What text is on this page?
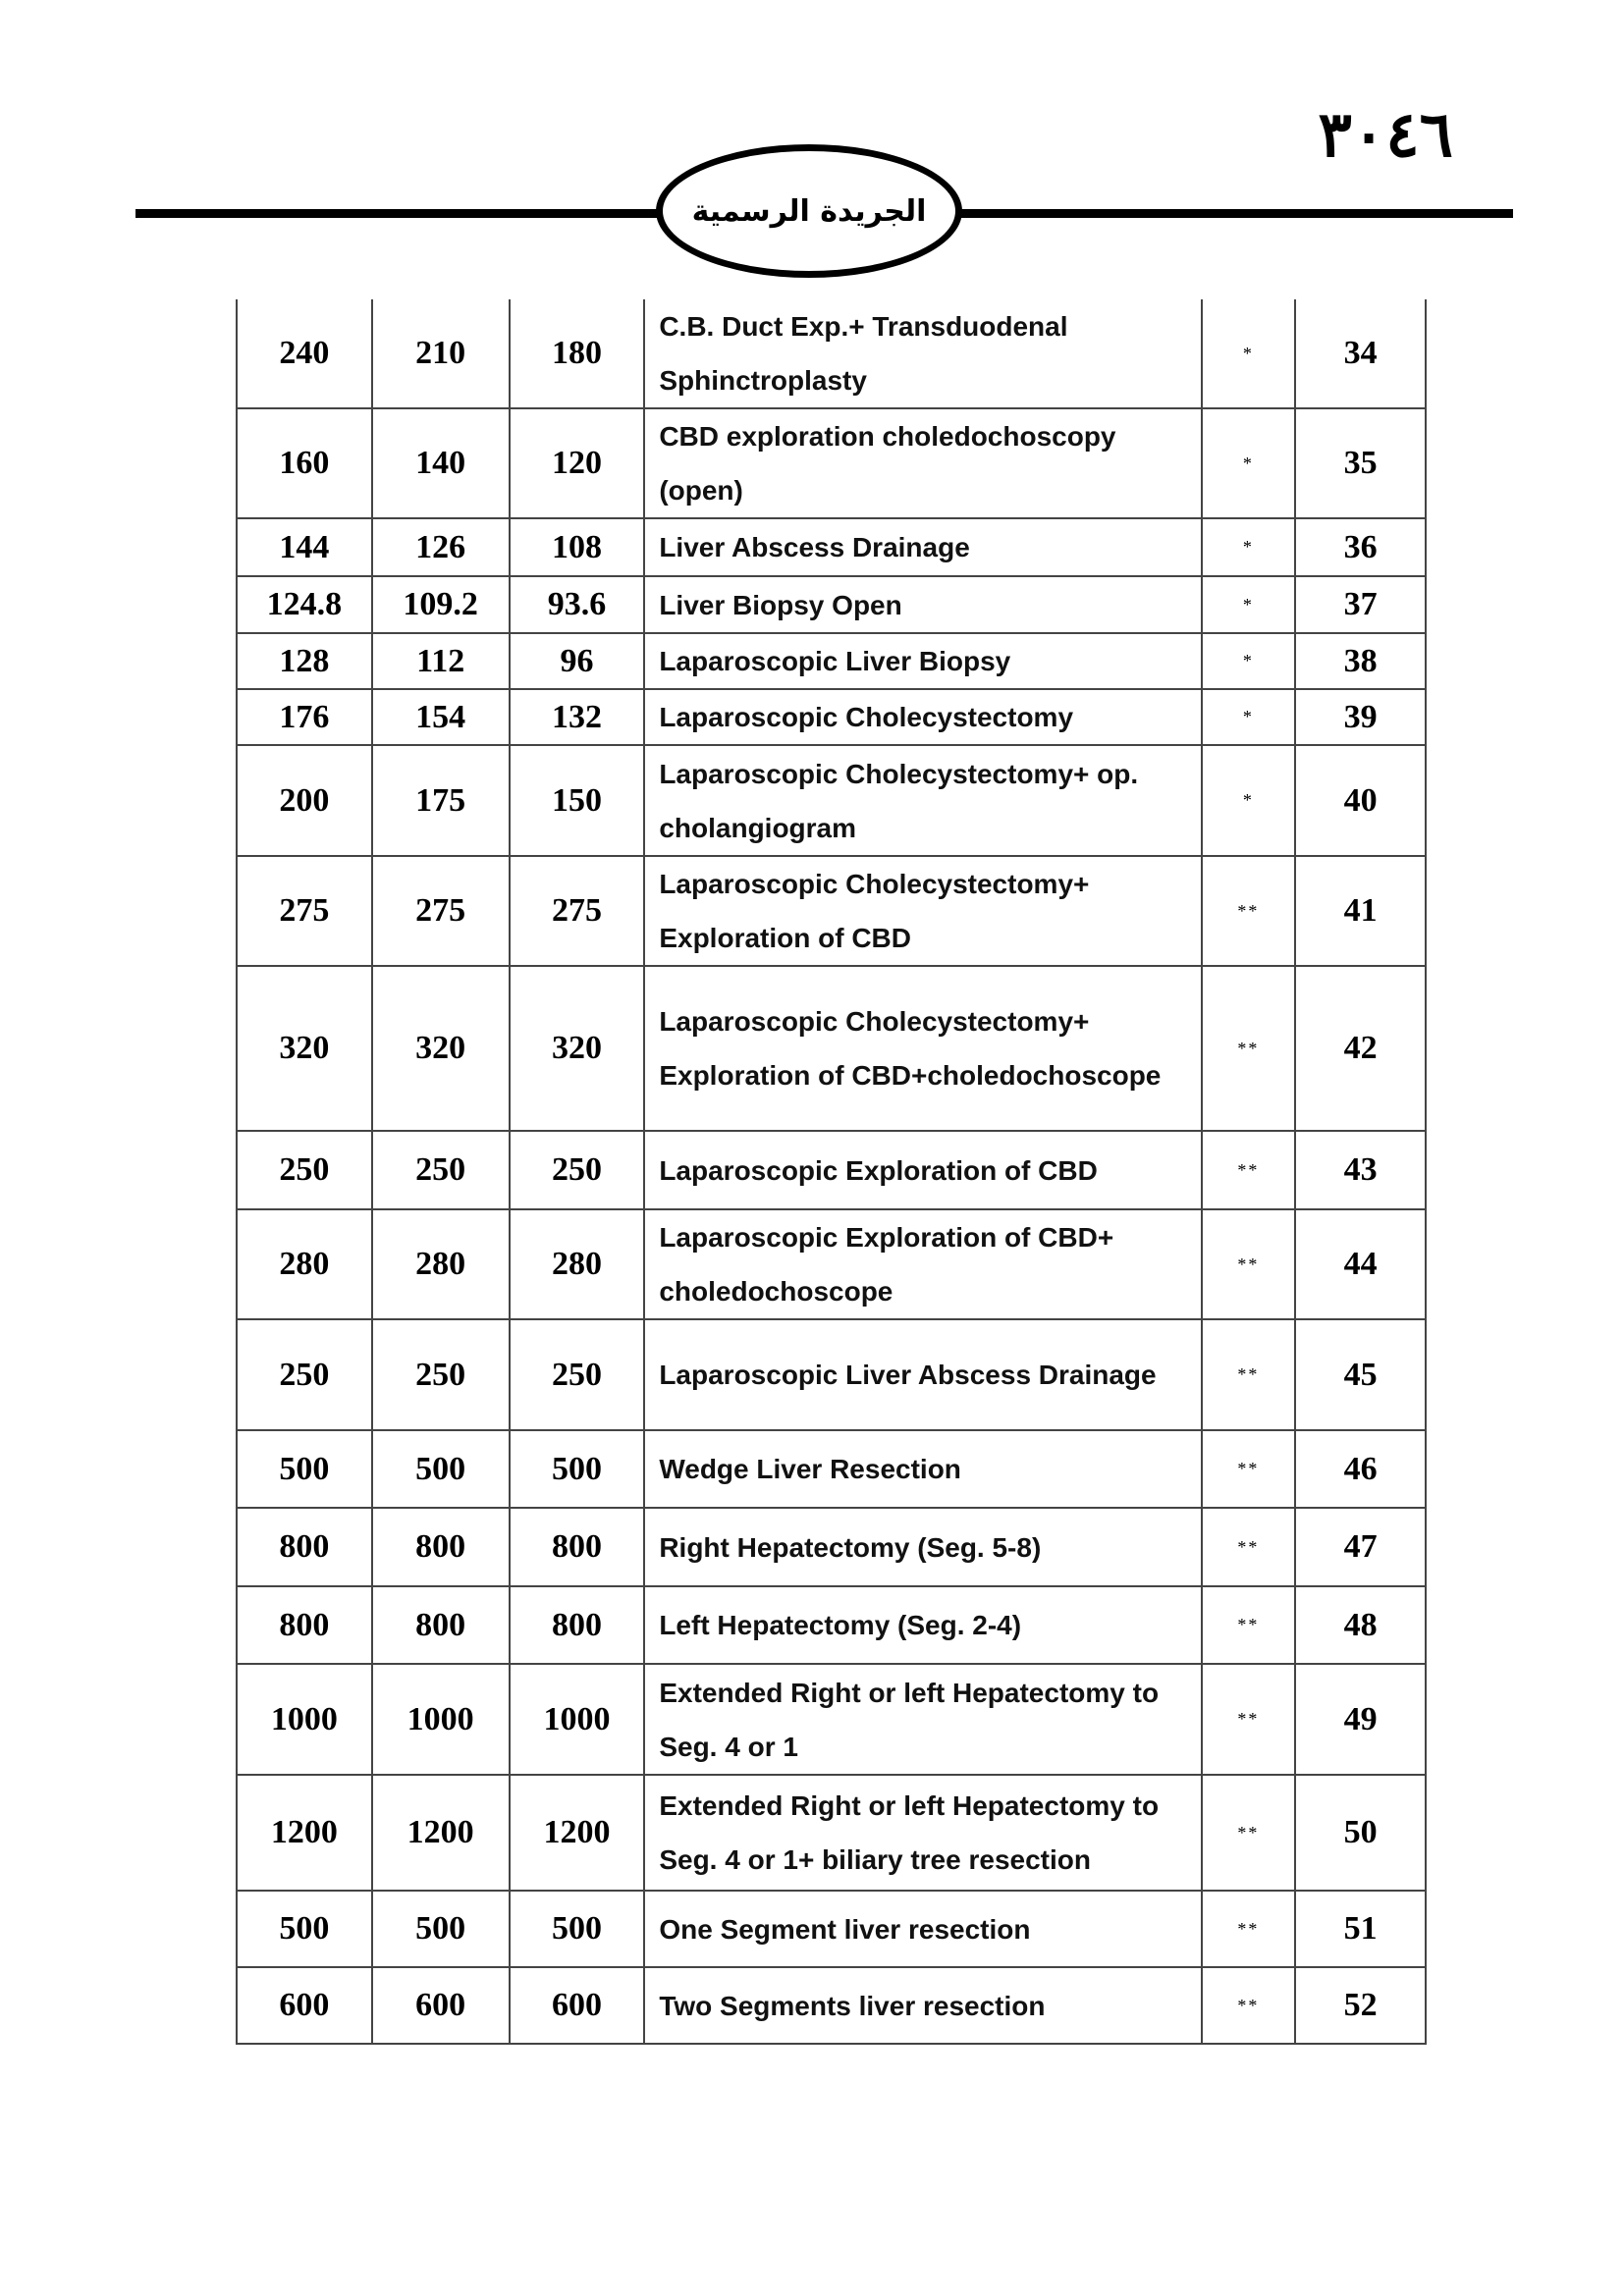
٣٠٤٦
الجريدة الرسمية
240	210	180	C.B. Duct Exp.+ Transduodenal Sphinctroplasty	*	34
160	140	120	CBD exploration choledochoscopy (open)	*	35
144	126	108	Liver Abscess Drainage	*	36
124.8	109.2	93.6	Liver Biopsy Open	*	37
128	112	96	Laparoscopic Liver Biopsy	*	38
176	154	132	Laparoscopic Cholecystectomy	*	39
200	175	150	Laparoscopic Cholecystectomy+ op. cholangiogram	*	40
275	275	275	Laparoscopic Cholecystectomy+ Exploration of CBD	**	41
320	320	320	Laparoscopic Cholecystectomy+ Exploration of CBD+choledochoscope	**	42
250	250	250	Laparoscopic Exploration of CBD	**	43
280	280	280	Laparoscopic Exploration of CBD+ choledochoscope	**	44
250	250	250	Laparoscopic Liver Abscess Drainage	**	45
500	500	500	Wedge Liver Resection	**	46
800	800	800	Right Hepatectomy (Seg. 5-8)	**	47
800	800	800	Left Hepatectomy (Seg. 2-4)	**	48
1000	1000	1000	Extended Right or left Hepatectomy to Seg. 4 or 1	**	49
1200	1200	1200	Extended Right or left Hepatectomy to Seg. 4 or 1+ biliary tree resection	**	50
500	500	500	One Segment liver resection	**	51
600	600	600	Two Segments liver resection	**	52
